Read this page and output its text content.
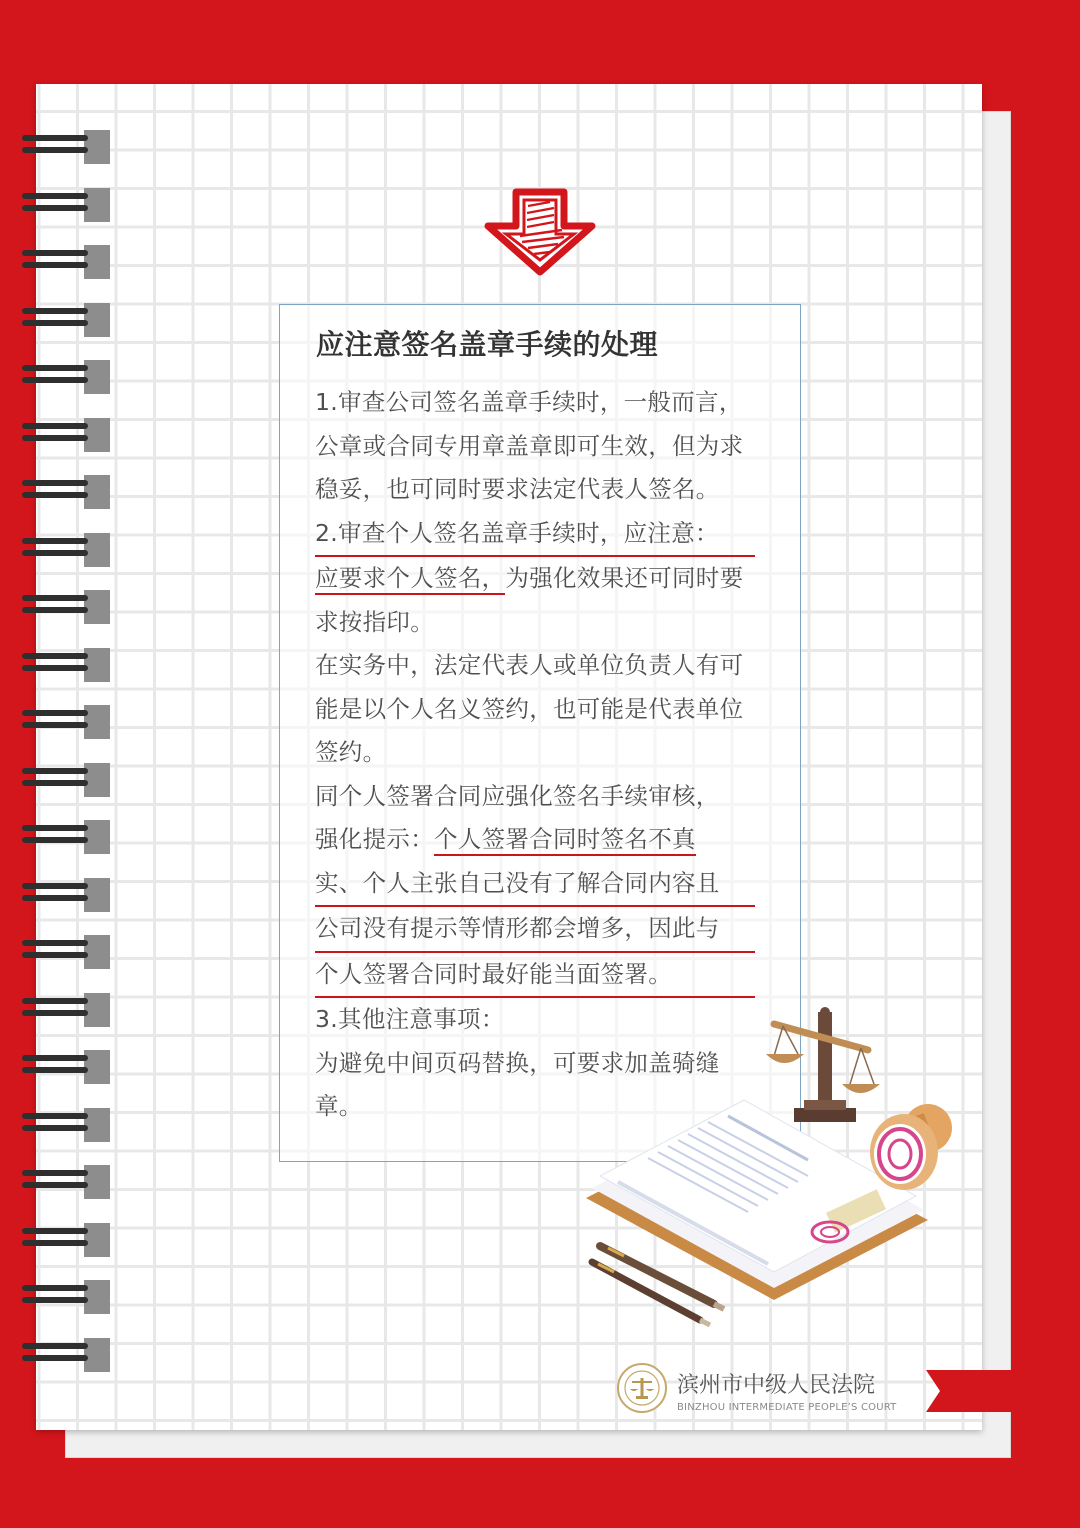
应注意签名盖章手续的处理

1.审查公司签名盖章手续时，一般而言，公章或合同专用章盖章即可生效，但为求稳妥，也可同时要求法定代表人签名。

2.审查个人签名盖章手续时，应注意：
应要求个人签名，为强化效果还可同时要求按指印。

在实务中，法定代表人或单位负责人有可能是以个人名义签约，也可能是代表单位签约。

同个人签署合同应强化签名手续审核，
强化提示：个人签署合同时签名不真
实、个人主张自己没有了解合同内容且
公司没有提示等情形都会增多，因此与
个人签署合同时最好能当面签署。

3.其他注意事项：

为避免中间页码替换，可要求加盖骑缝章。

滨州市中级人民法院
BINZHOU INTERMEDIATE PEOPLE’S COURT
